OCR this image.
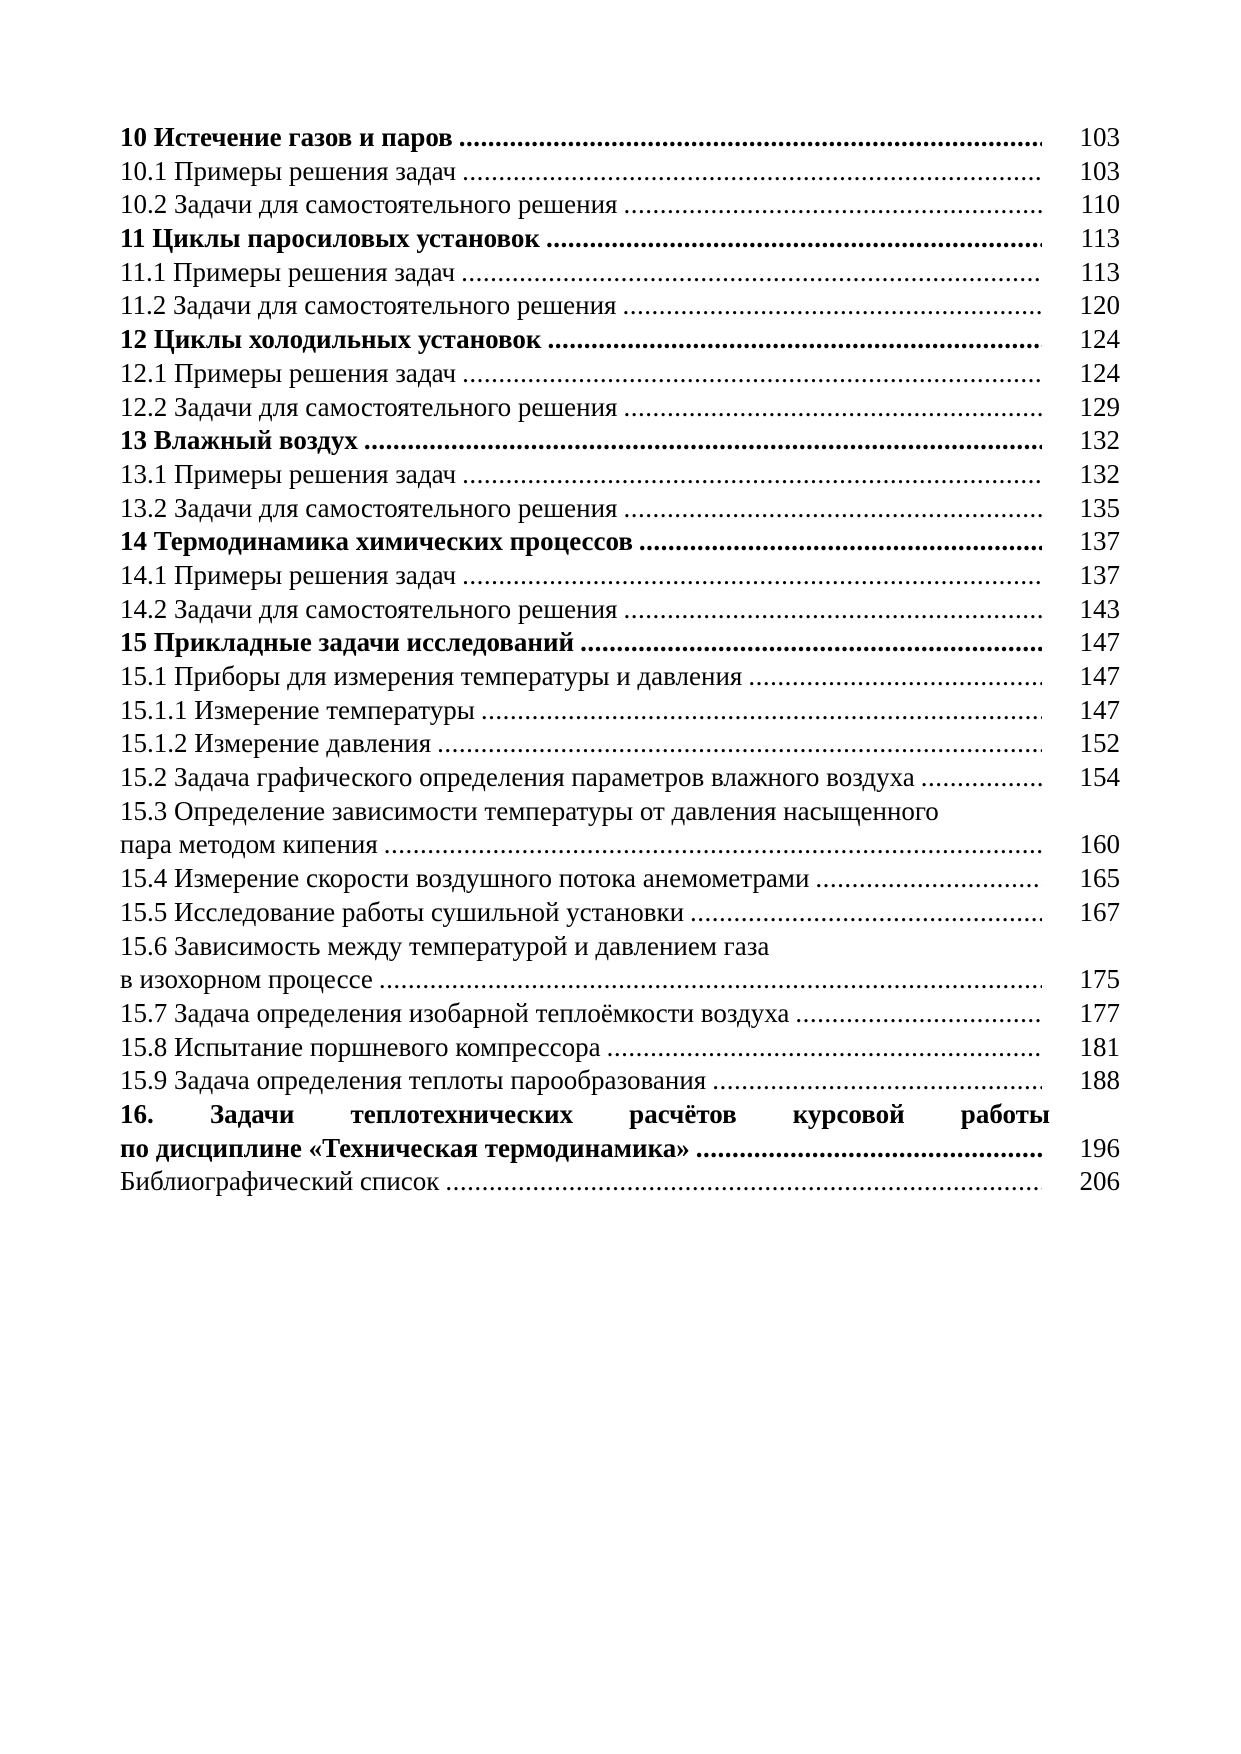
10 Истечение газов и паров .....	103
10.1 Примеры решения задач .....	103
10.2 Задачи для самостоятельного решения .....	110
11 Циклы паросиловых установок .....	113
11.1 Примеры решения задач .....	113
11.2 Задачи для самостоятельного решения .....	120
12 Циклы холодильных установок .....	124
12.1 Примеры решения задач .....	124
12.2 Задачи для самостоятельного решения .....	129
13 Влажный воздух .....	132
13.1 Примеры решения задач .....	132
13.2 Задачи для самостоятельного решения .....	135
14 Термодинамика химических процессов .....	137
14.1 Примеры решения задач .....	137
14.2 Задачи для самостоятельного решения .....	143
15 Прикладные задачи исследований .....	147
15.1 Приборы для измерения температуры и давления .....	147
15.1.1 Измерение температуры .....	147
15.1.2 Измерение давления .....	152
15.2 Задача графического определения параметров влажного воздуха .....	154
15.3 Определение зависимости температуры от давления насыщенного
пара методом кипения .....	160
15.4 Измерение скорости воздушного потока анемометрами .....	165
15.5 Исследование работы сушильной установки .....	167
15.6 Зависимость между температурой и давлением газа
в изохорном процессе .....	175
15.7 Задача определения изобарной теплоёмкости воздуха .....	177
15.8 Испытание поршневого компрессора .....	181
15.9 Задача определения теплоты парообразования .....	188
16. Задачи теплотехнических расчётов курсовой работы
по дисциплине «Техническая термодинамика» .....	196
Библиографический список .....	206
